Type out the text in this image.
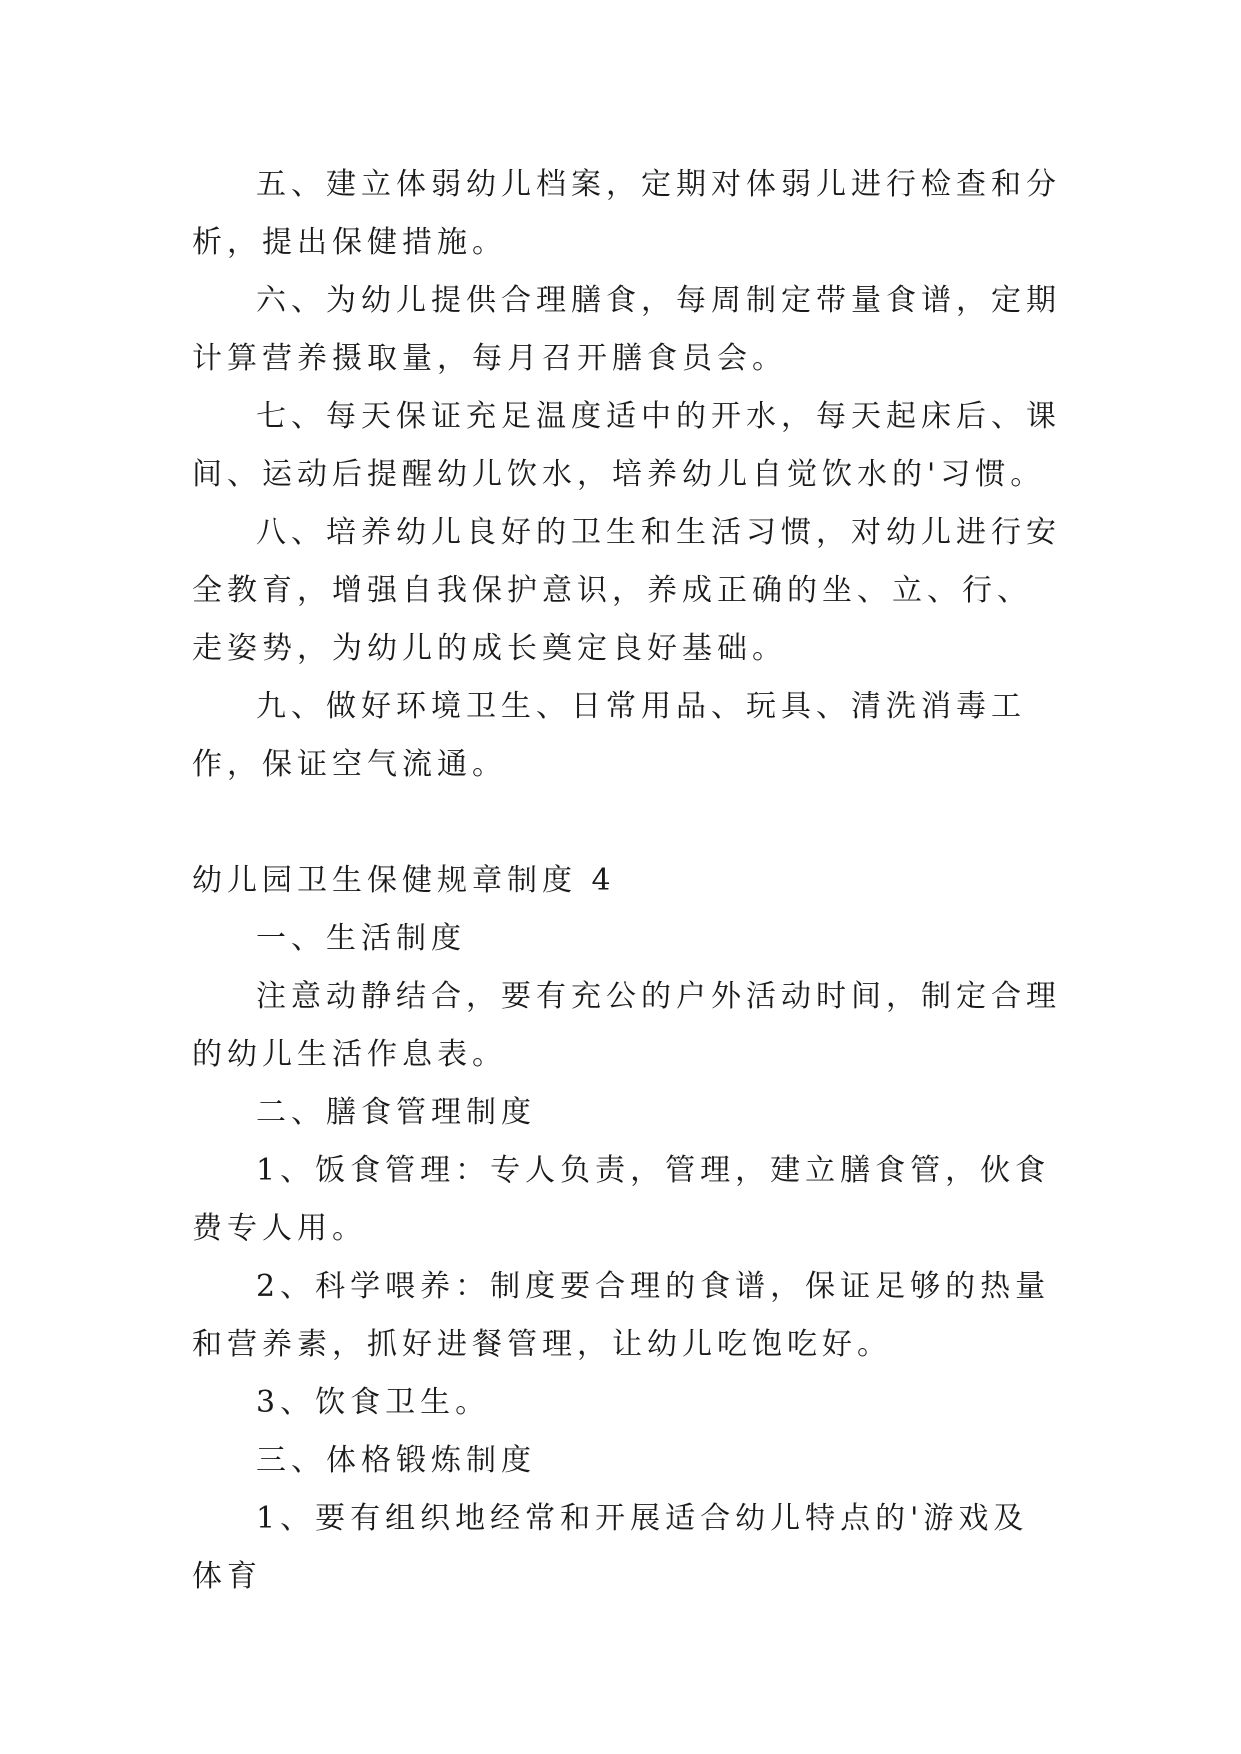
五、建立体弱幼儿档案，定期对体弱儿进行检查和分析，提出保健措施。

六、为幼儿提供合理膳食，每周制定带量食谱，定期计算营养摄取量，每月召开膳食员会。

七、每天保证充足温度适中的开水，每天起床后、课间、运动后提醒幼儿饮水，培养幼儿自觉饮水的'习惯。

八、培养幼儿良好的卫生和生活习惯，对幼儿进行安全教育，增强自我保护意识，养成正确的坐、立、行、走姿势，为幼儿的成长奠定良好基础。

九、做好环境卫生、日常用品、玩具、清洗消毒工作，保证空气流通。

幼儿园卫生保健规章制度 4

一、生活制度

注意动静结合，要有充公的户外活动时间，制定合理的幼儿生活作息表。

二、膳食管理制度

1、饭食管理：专人负责，管理，建立膳食管，伙食费专人用。

2、科学喂养：制度要合理的食谱，保证足够的热量和营养素，抓好进餐管理，让幼儿吃饱吃好。

3、饮食卫生。

三、体格锻炼制度

1、要有组织地经常和开展适合幼儿特点的'游戏及体育
